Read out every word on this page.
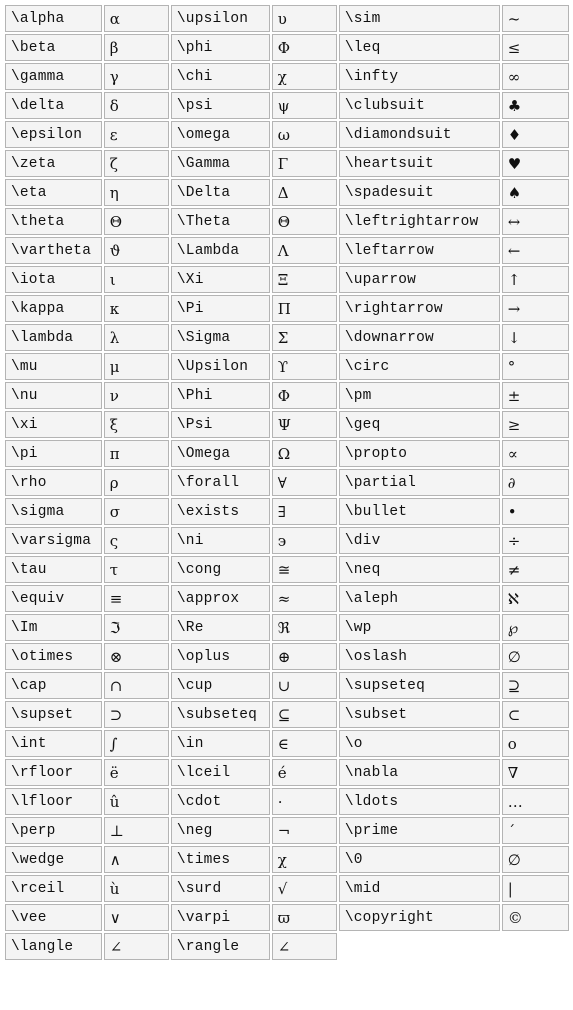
\alpha	α	\upsilon	υ	\sim	~
\beta	β	\phi	Φ	\leq	≤
\gamma	γ	\chi	χ	\infty	∞
\delta	δ	\psi	ψ	\clubsuit	♣
\epsilon	ε	\omega	ω	\diamondsuit	♦
\zeta	ζ	\Gamma	Γ	\heartsuit	♥
\eta	η	\Delta	Δ	\spadesuit	♠
\theta	Θ	\Theta	Θ	\leftrightarrow	↔
\vartheta	ϑ	\Lambda	Λ	\leftarrow	←
\iota	ι	\Xi	Ξ	\uparrow	↑
\kappa	κ	\Pi	Π	\rightarrow	→
\lambda	λ	\Sigma	Σ	\downarrow	↓
\mu	μ	\Upsilon	ϒ	\circ	°
\nu	ν	\Phi	Φ	\pm	±
\xi	ξ	\Psi	Ψ	\geq	≥
\pi	π	\Omega	Ω	\propto	∝
\rho	ρ	\forall	∀	\partial	∂
\sigma	σ	\exists	∃	\bullet	•
\varsigma	ς	\ni	϶	\div	÷
\tau	τ	\cong	≅	\neq	≠
\equiv	≡	\approx	≈	\aleph	ℵ
\Im	ℑ	\Re	ℜ	\wp	℘
\otimes	⊗	\oplus	⊕	\oslash	∅
\cap	∩	\cup	∪	\supseteq	⊇
\supset	⊃	\subseteq	⊆	\subset	⊂
\int	∫	\in	∈	\o	ο
\rfloor	ë	\lceil	é	\nabla	∇
\lfloor	û	\cdot	·	\ldots	…
\perp	⊥	\neg	¬	\prime	´
\wedge	∧	\times	χ	\0	∅
\rceil	ù	\surd	√	\mid	|
\vee	∨	\varpi	ϖ	\copyright	©
\langle	∠	\rangle	∠		
